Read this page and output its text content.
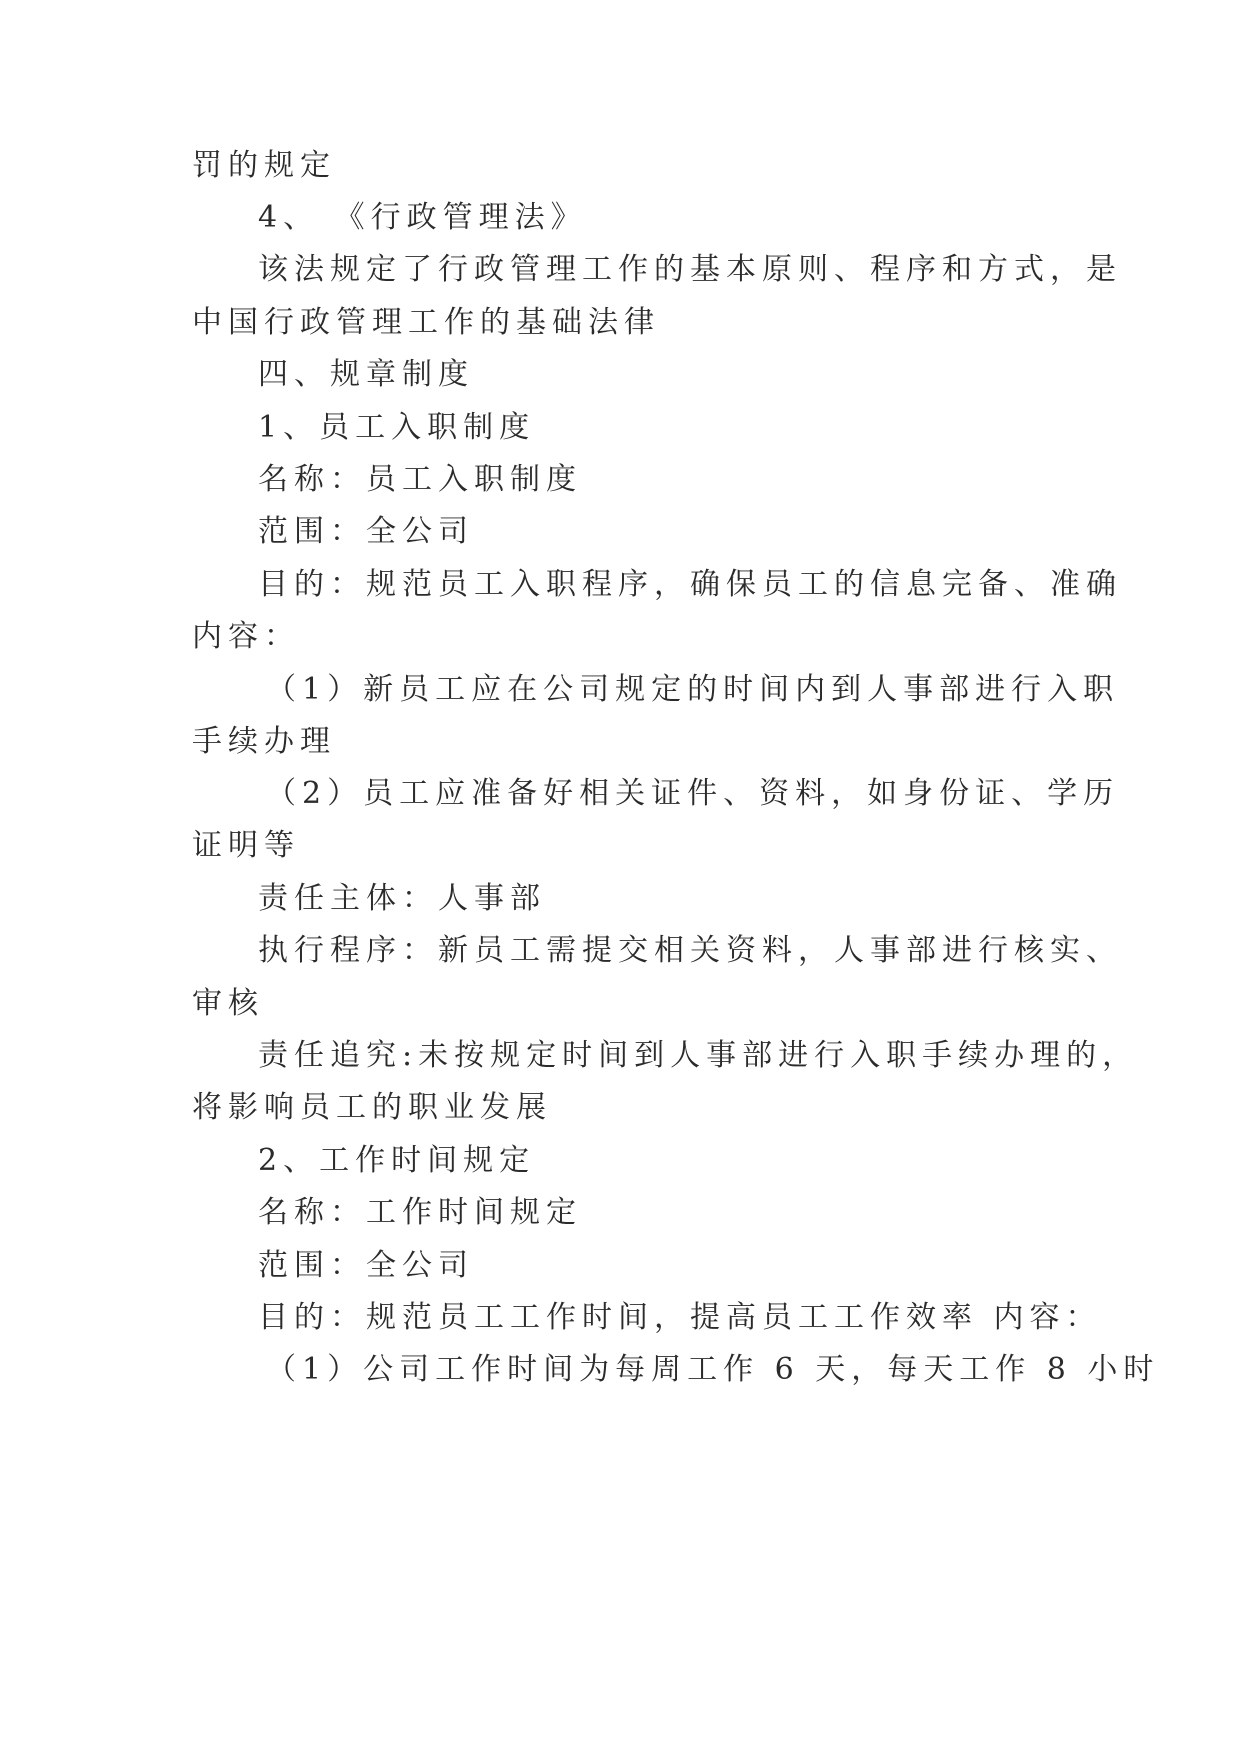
罚的规定
4、 《行政管理法》
该法规定了行政管理工作的基本原则、程序和方式，是
中国行政管理工作的基础法律
四、规章制度
1、员工入职制度
名称：员工入职制度
范围：全公司
目的：规范员工入职程序，确保员工的信息完备、准确
内容：
（1）新员工应在公司规定的时间内到人事部进行入职
手续办理
（2）员工应准备好相关证件、资料，如身份证、学历
证明等
责任主体：人事部
执行程序：新员工需提交相关资料，人事部进行核实、
审核
责任追究:未按规定时间到人事部进行入职手续办理的，
将影响员工的职业发展
2、工作时间规定
名称：工作时间规定
范围：全公司
目的：规范员工工作时间，提高员工工作效率 内容：
（1）公司工作时间为每周工作 6 天，每天工作 8 小时
